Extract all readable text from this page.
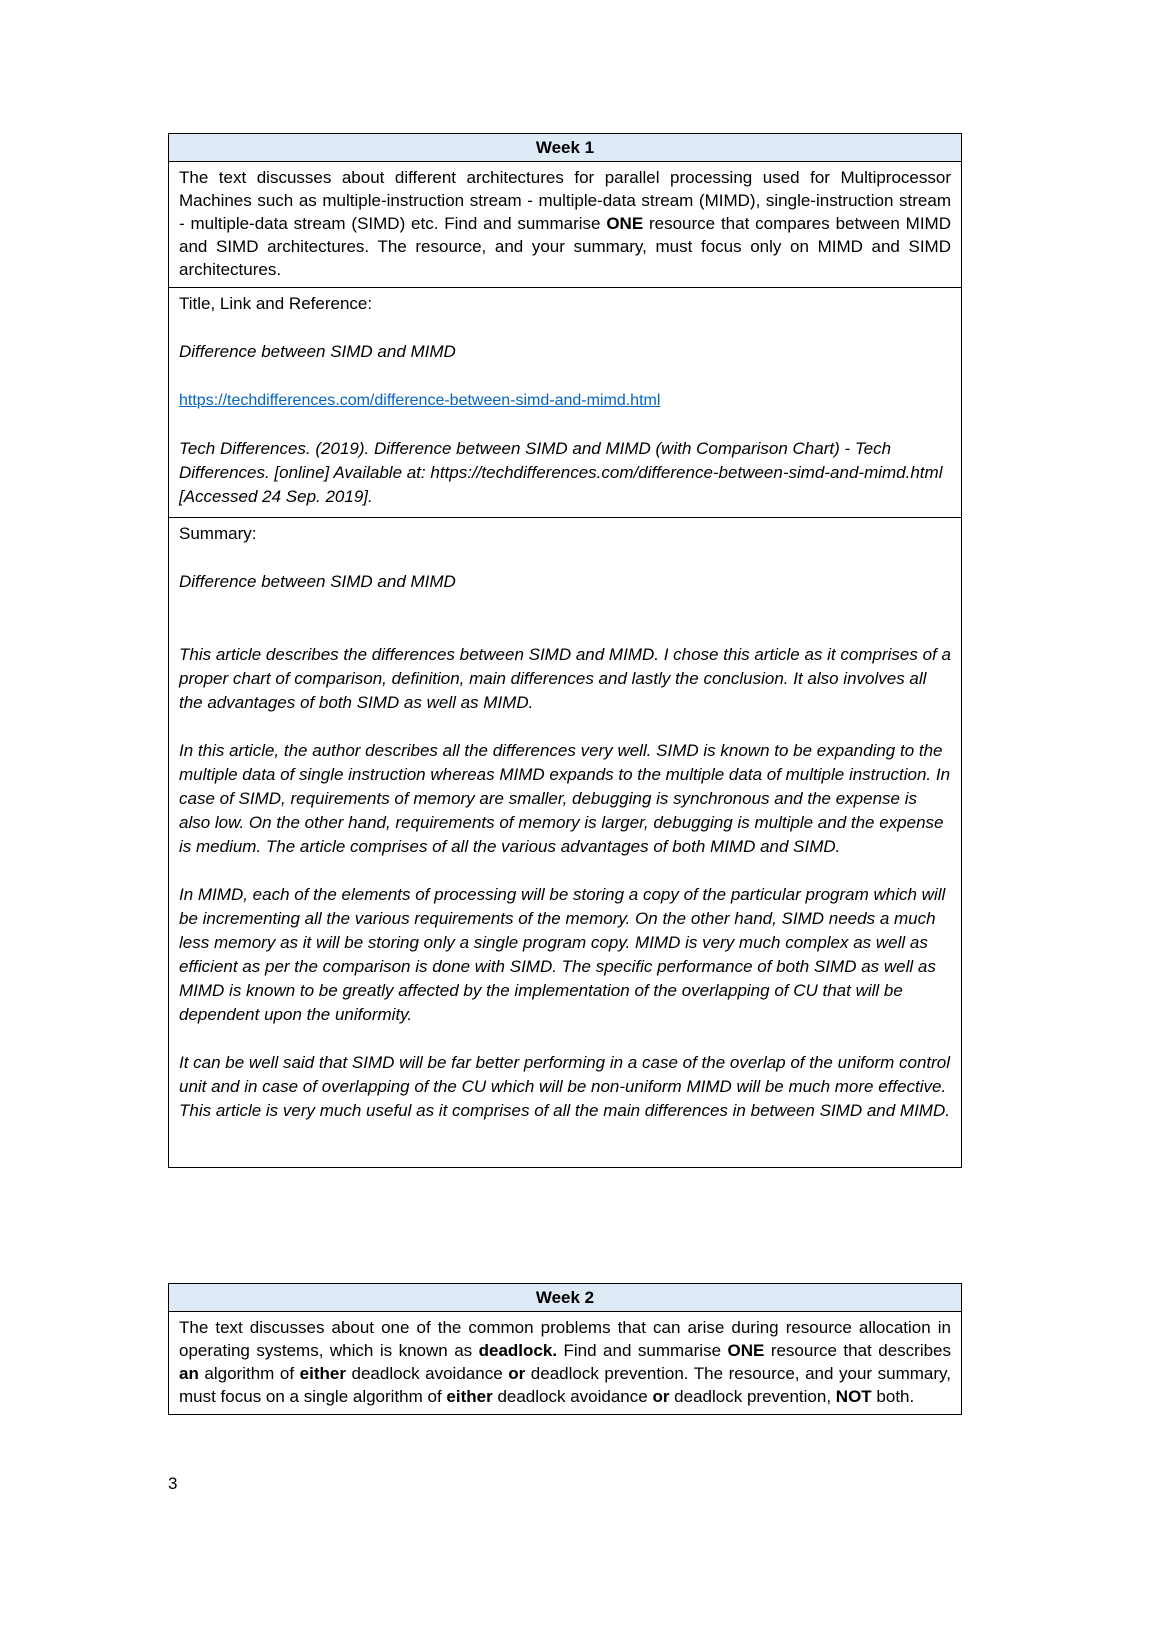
Week 1

The text discusses about different architectures for parallel processing used for Multiprocessor Machines such as multiple-instruction stream - multiple-data stream (MIMD), single-instruction stream - multiple-data stream (SIMD) etc. Find and summarise ONE resource that compares between MIMD and SIMD architectures. The resource, and your summary, must focus only on MIMD and SIMD architectures.

Title, Link and Reference:

Difference between SIMD and MIMD

https://techdifferences.com/difference-between-simd-and-mimd.html

Tech Differences. (2019). Difference between SIMD and MIMD (with Comparison Chart) - Tech Differences. [online] Available at: https://techdifferences.com/difference-between-simd-and-mimd.html [Accessed 24 Sep. 2019].

Summary:

Difference between SIMD and MIMD

This article describes the differences between SIMD and MIMD. I chose this article as it comprises of a proper chart of comparison, definition, main differences and lastly the conclusion. It also involves all the advantages of both SIMD as well as MIMD.

In this article, the author describes all the differences very well. SIMD is known to be expanding to the multiple data of single instruction whereas MIMD expands to the multiple data of multiple instruction. In case of SIMD, requirements of memory are smaller, debugging is synchronous and the expense is also low. On the other hand, requirements of memory is larger, debugging is multiple and the expense is medium. The article comprises of all the various advantages of both MIMD and SIMD.

In MIMD, each of the elements of processing will be storing a copy of the particular program which will be incrementing all the various requirements of the memory. On the other hand, SIMD needs a much less memory as it will be storing only a single program copy. MIMD is very much complex as well as efficient as per the comparison is done with SIMD. The specific performance of both SIMD as well as MIMD is known to be greatly affected by the implementation of the overlapping of CU that will be dependent upon the uniformity.

It can be well said that SIMD will be far better performing in a case of the overlap of the uniform control unit and in case of overlapping of the CU which will be non-uniform MIMD will be much more effective. This article is very much useful as it comprises of all the main differences in between SIMD and MIMD.

Week 2

The text discusses about one of the common problems that can arise during resource allocation in operating systems, which is known as deadlock. Find and summarise ONE resource that describes an algorithm of either deadlock avoidance or deadlock prevention. The resource, and your summary, must focus on a single algorithm of either deadlock avoidance or deadlock prevention, NOT both.

3
